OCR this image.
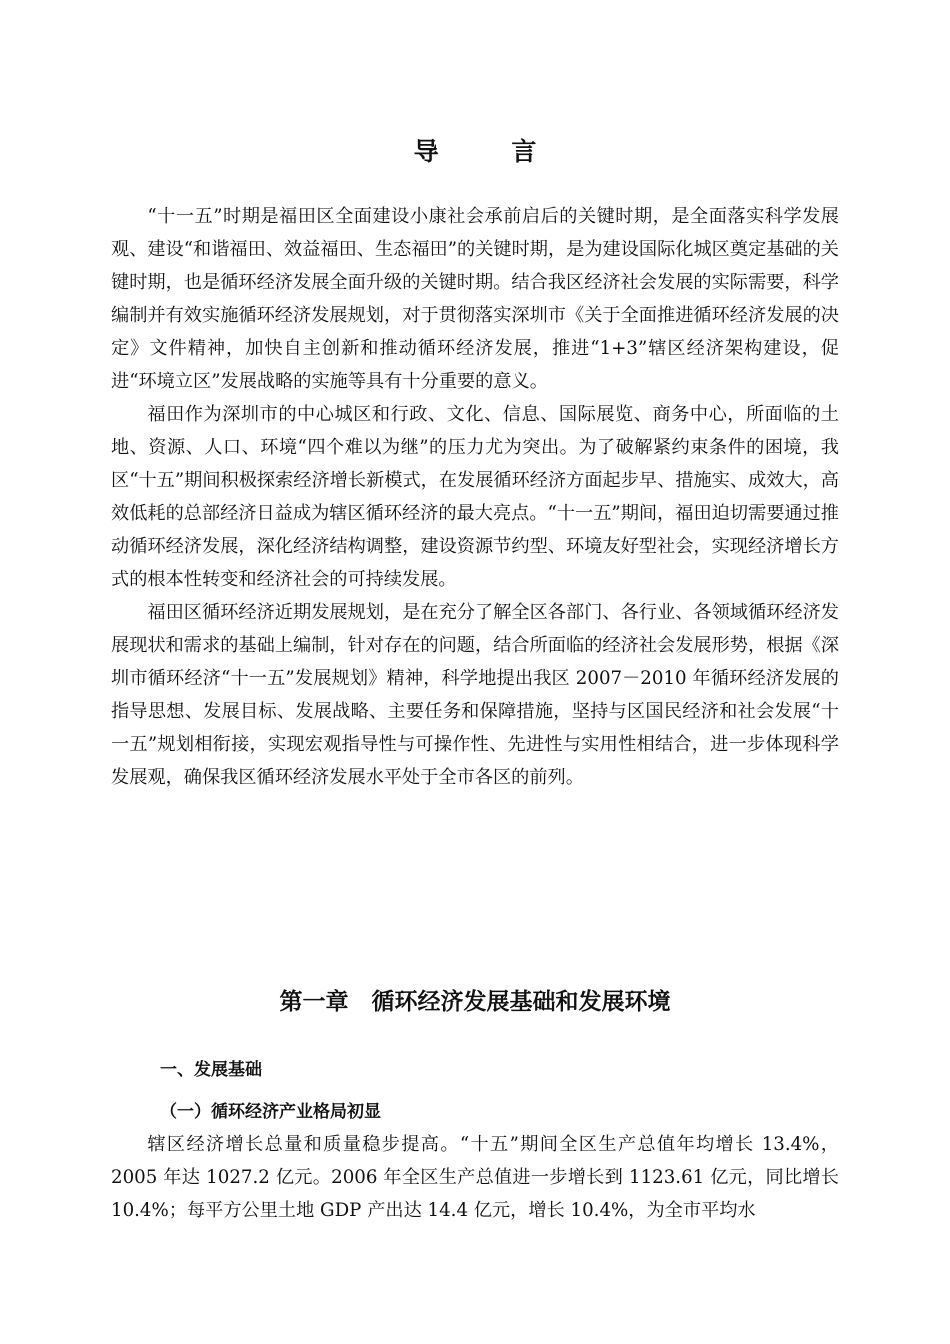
导 言

“十一五”时期是福田区全面建设小康社会承前启后的关键时期，是全面落实科学发展观、建设“和谐福田、效益福田、生态福田”的关键时期，是为建设国际化城区奠定基础的关键时期，也是循环经济发展全面升级的关键时期。结合我区经济社会发展的实际需要，科学编制并有效实施循环经济发展规划，对于贯彻落实深圳市《关于全面推进循环经济发展的决定》文件精神，加快自主创新和推动循环经济发展，推进“1+3”辖区经济架构建设，促进“环境立区”发展战略的实施等具有十分重要的意义。

福田作为深圳市的中心城区和行政、文化、信息、国际展览、商务中心，所面临的土地、资源、人口、环境“四个难以为继”的压力尤为突出。为了破解紧约束条件的困境，我区“十五”期间积极探索经济增长新模式，在发展循环经济方面起步早、措施实、成效大，高效低耗的总部经济日益成为辖区循环经济的最大亮点。“十一五”期间，福田迫切需要通过推动循环经济发展，深化经济结构调整，建设资源节约型、环境友好型社会，实现经济增长方式的根本性转变和经济社会的可持续发展。

福田区循环经济近期发展规划，是在充分了解全区各部门、各行业、各领域循环经济发展现状和需求的基础上编制，针对存在的问题，结合所面临的经济社会发展形势，根据《深圳市循环经济“十一五”发展规划》精神，科学地提出我区 2007－2010 年循环经济发展的指导思想、发展目标、发展战略、主要任务和保障措施，坚持与区国民经济和社会发展“十一五”规划相衔接，实现宏观指导性与可操作性、先进性与实用性相结合，进一步体现科学发展观，确保我区循环经济发展水平处于全市各区的前列。

第一章　循环经济发展基础和发展环境
一、发展基础
（一）循环经济产业格局初显

辖区经济增长总量和质量稳步提高。“十五”期间全区生产总值年均增长 13.4%，2005 年达 1027.2 亿元。2006 年全区生产总值进一步增长到 1123.61 亿元，同比增长 10.4%；每平方公里土地 GDP 产出达 14.4 亿元，增长 10.4%，为全市平均水
